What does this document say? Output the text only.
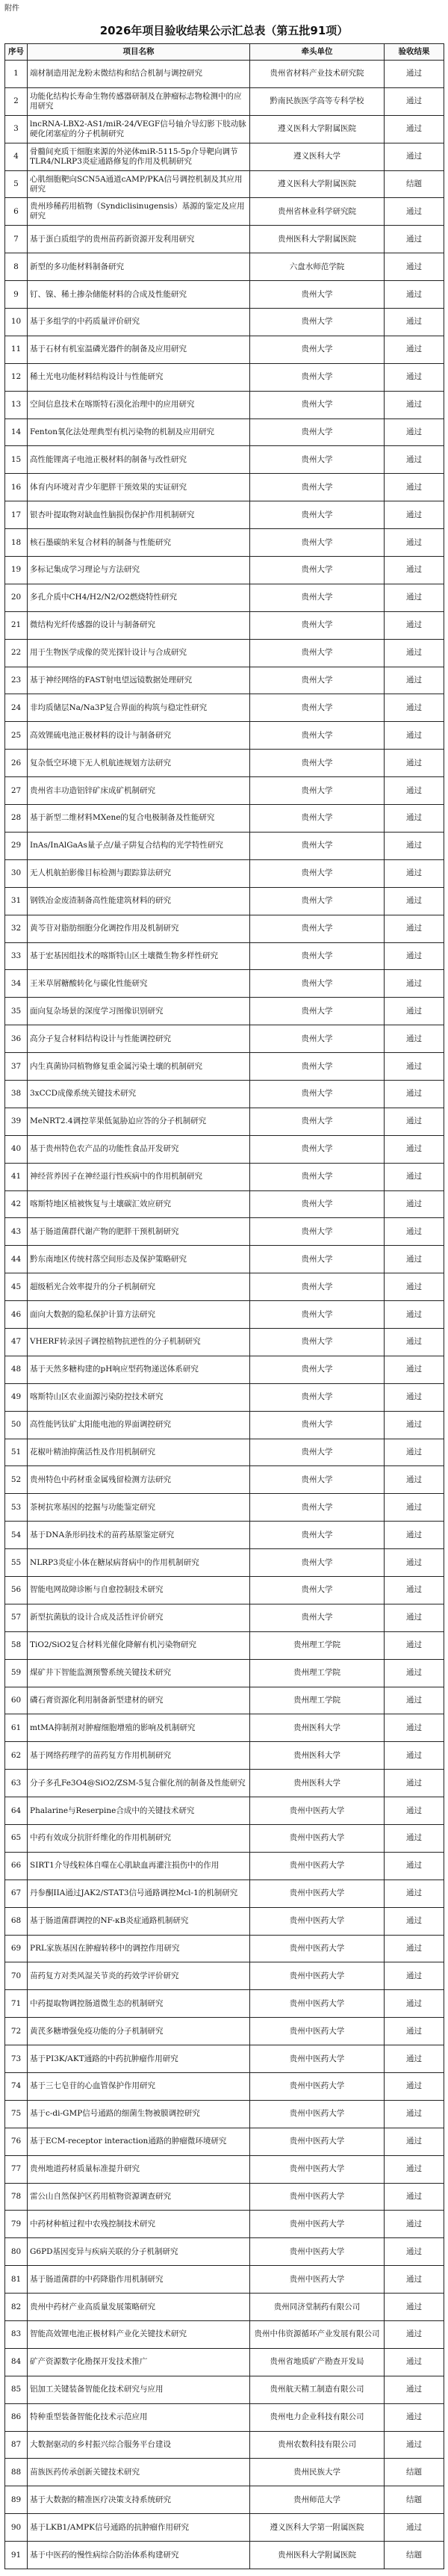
附件
2026年项目验收结果公示汇总表（第五批91项）
序号	项目名称	牵头单位	验收结果
1	端材制造用泥龙粉末微结构和结合机制与调控研究	贵州省材料产业技术研究院	通过
2	功能化结构长寿命生物传感器研制及在肿瘤标志物检测中的应用研究	黔南民族医学高等专科学校	通过
3	lncRNA-LBX2-AS1/miR-24/VEGF信号轴介导幻影下肢动脉硬化闭塞症的分子机制研究	遵义医科大学附属医院	通过
4	骨髓间充质干细胞来源的外泌体miR-5115-5p介导靶向调节TLR4/NLRP3炎症通路修复的作用及机制研究	遵义医科大学	通过
5	心肌细胞靶向SCN5A通道cAMP/PKA信号调控机制及其应用研究	遵义医科大学附属医院	结题
6	贵州珍稀药用植物（Syndiclisinugensis）基源的鉴定及应用研究	贵州省林业科学研究院	通过
7	基于蛋白质组学的贵州苗药新资源开发利用研究	贵州医科大学附属医院	通过
8	新型的多功能材料制备研究	六盘水师范学院	通过
9	钉、镍、稀土掺杂储能材料的合成及性能研究	贵州大学	通过
10	基于多组学的中药质量评价研究	贵州大学	通过
11	基于石材有机室温磷光器件的制备及应用研究	贵州大学	通过
12	稀土光电功能材料结构设计与性能研究	贵州大学	通过
13	空间信息技术在喀斯特石漠化治理中的应用研究	贵州大学	通过
14	Fenton氧化法处理典型有机污染物的机制及应用研究	贵州大学	通过
15	高性能锂离子电池正极材料的制备与改性研究	贵州大学	通过
16	体育内环境对青少年肥胖干预效果的实证研究	贵州大学	通过
17	银杏叶提取物对缺血性脑损伤保护作用机制研究	贵州大学	通过
18	核石墨碳纳米复合材料的制备与性能研究	贵州大学	通过
19	多标记集成学习理论与方法研究	贵州大学	通过
20	多孔介质中CH4/H2/N2/O2燃烧特性研究	贵州大学	通过
21	微结构光纤传感器的设计与制备研究	贵州大学	通过
22	用于生物医学成像的荧光探针设计与合成研究	贵州大学	通过
23	基于神经网络的FAST射电望远镜数据处理研究	贵州大学	通过
24	非均质储层Na/Na3P复合界面的构筑与稳定性研究	贵州大学	通过
25	高效锂硫电池正极材料的设计与制备研究	贵州大学	通过
26	复杂低空环境下无人机航迹规划方法研究	贵州大学	通过
27	贵州省丰功造铝锌矿床成矿机制研究	贵州大学	通过
28	基于新型二维材料MXene的复合电极制备及性能研究	贵州大学	通过
29	InAs/InAlGaAs量子点/量子阱复合结构的光学特性研究	贵州大学	通过
30	无人机航拍影像目标检测与跟踪算法研究	贵州大学	通过
31	钢铁冶金废渣制备高性能建筑材料的研究	贵州大学	通过
32	黄芩苷对脂肪细胞分化调控作用及机制研究	贵州大学	通过
33	基于宏基因组技术的喀斯特山区土壤微生物多样性研究	贵州大学	通过
34	王米草屑糖酸转化与碳化性能研究	贵州大学	通过
35	面向复杂场景的深度学习图像识别研究	贵州大学	通过
36	高分子复合材料结构设计与性能调控研究	贵州大学	通过
37	内生真菌协同植物修复重金属污染土壤的机制研究	贵州大学	通过
38	3xCCD成像系统关键技术研究	贵州大学	通过
39	MeNRT2.4调控苹果低氮胁迫应答的分子机制研究	贵州大学	通过
40	基于贵州特色农产品的功能性食品开发研究	贵州大学	通过
41	神经营养因子在神经退行性疾病中的作用机制研究	贵州大学	通过
42	喀斯特地区植被恢复与土壤碳汇效应研究	贵州大学	通过
43	基于肠道菌群代谢产物的肥胖干预机制研究	贵州大学	通过
44	黔东南地区传统村落空间形态及保护策略研究	贵州大学	通过
45	超级稻光合效率提升的分子机制研究	贵州大学	通过
46	面向大数据的隐私保护计算方法研究	贵州大学	通过
47	VHERF转录因子调控植物抗逆性的分子机制研究	贵州大学	通过
48	基于天然多糖构建的pH响应型药物递送体系研究	贵州大学	通过
49	喀斯特山区农业面源污染防控技术研究	贵州大学	通过
50	高性能钙钛矿太阳能电池的界面调控研究	贵州大学	通过
51	花椒叶精油抑菌活性及作用机制研究	贵州大学	通过
52	贵州特色中药材重金属残留检测方法研究	贵州大学	通过
53	茶树抗寒基因的挖掘与功能鉴定研究	贵州大学	通过
54	基于DNA条形码技术的苗药基原鉴定研究	贵州大学	通过
55	NLRP3炎症小体在糖尿病肾病中的作用机制研究	贵州大学	通过
56	智能电网故障诊断与自愈控制技术研究	贵州大学	通过
57	新型抗菌肽的设计合成及活性评价研究	贵州大学	通过
58	TiO2/SiO2复合材料光催化降解有机污染物研究	贵州理工学院	通过
59	煤矿井下智能监测预警系统关键技术研究	贵州理工学院	通过
60	磷石膏资源化利用制备新型建材的研究	贵州理工学院	通过
61	mtMA抑制剂对肿瘤细胞增殖的影响及机制研究	贵州医科大学	通过
62	基于网络药理学的苗药复方作用机制研究	贵州医科大学	通过
63	分子多孔Fe3O4@SiO2/ZSM-5复合催化剂的制备及性能研究	贵州医科大学	通过
64	Phalarine与Reserpine合成中的关键技术研究	贵州中医药大学	通过
65	中药有效成分抗肝纤维化的作用机制研究	贵州中医药大学	通过
66	SIRT1介导线粒体自噬在心肌缺血再灌注损伤中的作用	贵州中医药大学	通过
67	丹参酮IIA通过JAK2/STAT3信号通路调控Mcl-1的机制研究	贵州中医药大学	通过
68	基于肠道菌群调控的NF-κB炎症通路机制研究	贵州中医药大学	通过
69	PRL家族基因在肿瘤转移中的调控作用研究	贵州中医药大学	通过
70	苗药复方对类风湿关节炎的药效学评价研究	贵州中医药大学	通过
71	中药提取物调控肠道微生态的机制研究	贵州中医药大学	通过
72	黄芪多糖增强免疫功能的分子机制研究	贵州中医药大学	通过
73	基于PI3K/AKT通路的中药抗肿瘤作用研究	贵州中医药大学	通过
74	基于三七皂苷的心血管保护作用研究	贵州中医药大学	通过
75	基于c-di-GMP信号通路的细菌生物被膜调控研究	贵州中医药大学	通过
76	基于ECM-receptor interaction通路的肿瘤微环境研究	贵州中医药大学	通过
77	贵州地道药材质量标准提升研究	贵州中医药大学	通过
78	雷公山自然保护区药用植物资源调查研究	贵州中医药大学	通过
79	中药材种植过程中农残控制技术研究	贵州中医药大学	通过
80	G6PD基因变异与疾病关联的分子机制研究	贵州中医药大学	通过
81	基于肠道菌群的中药降脂作用机制研究	贵州中医药大学	通过
82	贵州中药材产业高质量发展策略研究	贵州同济堂制药有限公司	通过
83	智能高效锂电池正极材料产业化关键技术研究	贵州中伟资源循环产业发展有限公司	通过
84	矿产资源数字化勘探开发技术推广	贵州省地质矿产勘查开发局	通过
85	铝加工关键装备智能化技术研究与应用	贵州航天精工制造有限公司	通过
86	特种重型装备智能化技术示范应用	贵州电力企业科技有限公司	通过
87	大数据驱动的乡村振兴综合服务平台建设	贵州农数科技有限公司	通过
88	苗族医药传承创新关键技术研究	贵州民族大学	结题
89	基于大数据的精准医疗决策支持系统研究	贵州师范大学	结题
90	基于LKB1/AMPK信号通路的抗肿瘤作用研究	遵义医科大学第一附属医院	通过
91	基于中医药的慢性病综合防治体系构建研究	贵州医科大学附属医院	结题
